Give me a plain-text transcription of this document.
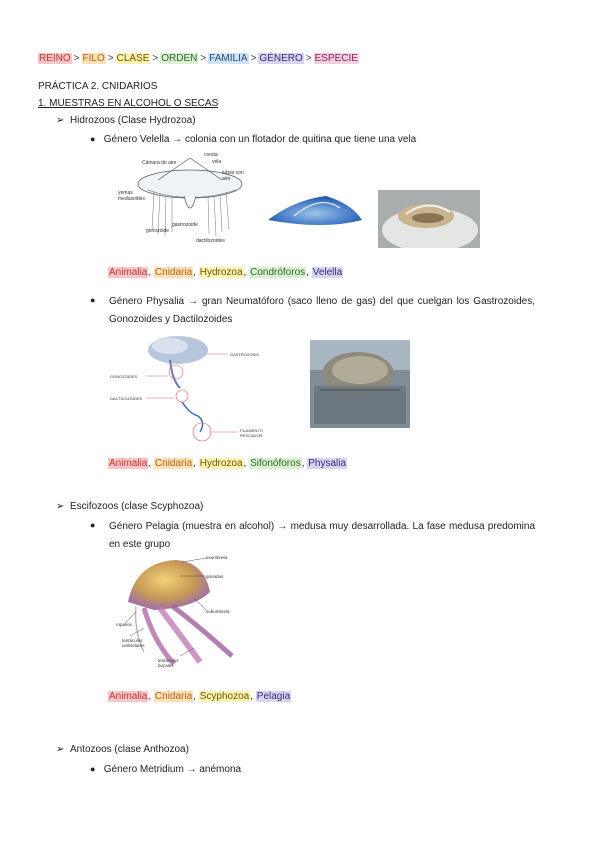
REINO > FILO > CLASE > ORDEN > FAMILIA > GÉNERO > ESPECIE
PRÁCTICA 2. CNIDARIOS
1. MUESTRAS EN ALCOHOL O SECAS
➢ Hidrozoos (Clase Hydrozoa)
● Género Velella → colonia con un flotador de quitina que tiene una vela
Cámara de aire
cresta
vela
tubos con aire
yemas medusoides
gastrozoide
gonozoide
dactilozoides
Animalia, Cnidaria, Hydrozoa, Condróforos, Velella
● Género Physalia → gran Neumatóforo (saco lleno de gas) del que cuelgan los Gastrozoides, Gonozoides y Dactilozoides
GASTROZOIDE
GONOZOIDES
DACTILOZOIDES
FILAMENTO PESCADOR
Animalia, Cnidaria, Hydrozoa, Sifonóforos, Physalia
➢ Escifozoos (clase Scyphozoa)
● Género Pelagia (muestra en alcohol) → medusa muy desarrollada. La fase medusa predomina en este grupo
exumbrela
gónadas
subumbrela
ropalios
tentáculos umbrelares
tentáculos bucales
Animalia, Cnidaria, Scyphozoa, Pelagia
➢ Antozoos (clase Anthozoa)
● Género Metridium → anémona
